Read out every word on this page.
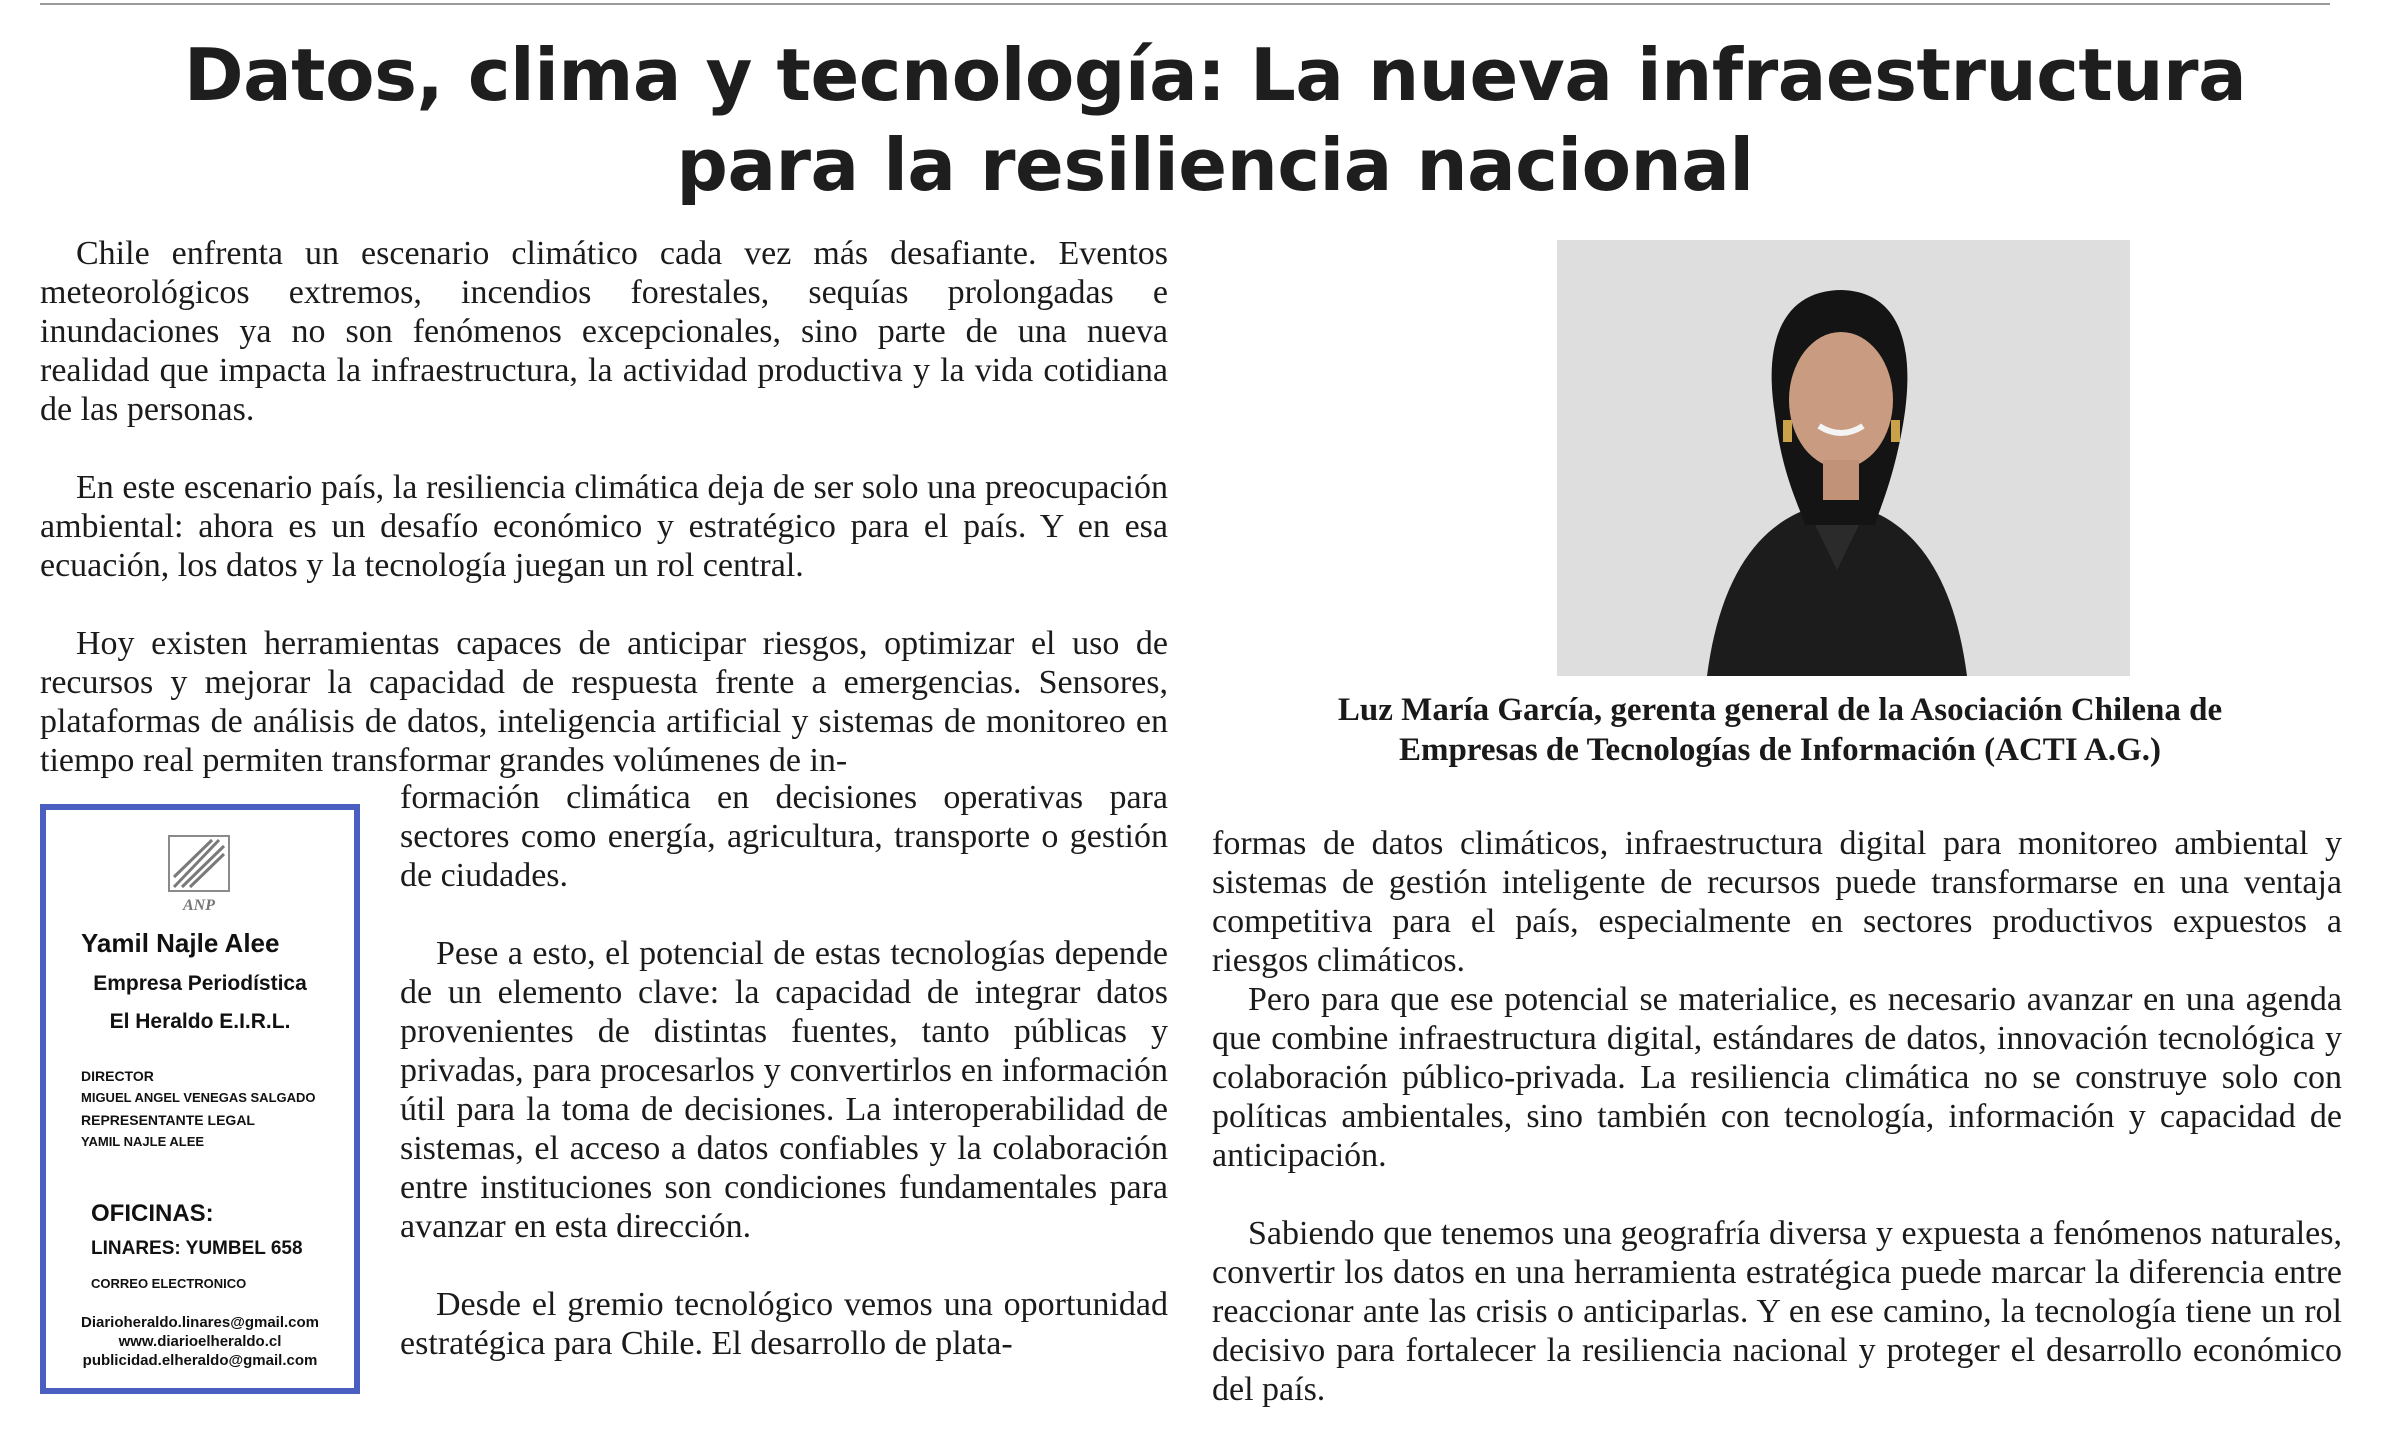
Datos, clima y tecnología: La nueva infraestructura
para la resiliencia nacional

Chile enfrenta un escenario climático cada vez más desafiante. Eventos meteorológicos extremos, incendios forestales, sequías prolongadas e inundaciones ya no son fenómenos excepcionales, sino parte de una nueva realidad que impacta la infraestructura, la actividad productiva y la vida cotidiana de las personas.

En este escenario país, la resiliencia climática deja de ser solo una preocupación ambiental: ahora es un desafío económico y estratégico para el país. Y en esa ecuación, los datos y la tecnología juegan un rol central.

Hoy existen herramientas capaces de anticipar riesgos, optimizar el uso de recursos y mejorar la capacidad de respuesta frente a emergencias. Sensores, plataformas de análisis de datos, inteligencia artificial y sistemas de monitoreo en tiempo real permiten transformar grandes volúmenes de in-

formación climática en decisiones operativas para sectores como energía, agricultura, transporte o gestión de ciudades.

Pese a esto, el potencial de estas tecnologías depende de un elemento clave: la capacidad de integrar datos provenientes de distintas fuentes, tanto públicas y privadas, para procesarlos y convertirlos en información útil para la toma de decisiones. La interoperabilidad de sistemas, el acceso a datos confiables y la colaboración entre instituciones son condiciones fundamentales para avanzar en esta dirección.

Desde el gremio tecnológico vemos una oportunidad estratégica para Chile. El desarrollo de plata-

Luz María García, gerenta general de la Asociación Chilena de
Empresas de Tecnologías de Información (ACTI A.G.)

formas de datos climáticos, infraestructura digital para monitoreo ambiental y sistemas de gestión inteligente de recursos puede transformarse en una ventaja competitiva para el país, especialmente en sectores productivos expuestos a riesgos climáticos.

Pero para que ese potencial se materialice, es necesario avanzar en una agenda que combine infraestructura digital, estándares de datos, innovación tecnológica y colaboración público-privada. La resiliencia climática no se construye solo con políticas ambientales, sino también con tecnología, información y capacidad de anticipación.

Sabiendo que tenemos una geografría diversa y expuesta a fenómenos naturales, convertir los datos en una herramienta estratégica puede marcar la diferencia entre reaccionar ante las crisis o anticiparlas. Y en ese camino, la tecnología tiene un rol decisivo para fortalecer la resiliencia nacional y proteger el desarrollo económico del país.

ANP
Yamil Najle Alee
Empresa Periodística
El Heraldo E.I.R.L.
DIRECTOR
MIGUEL ANGEL VENEGAS SALGADO
REPRESENTANTE LEGAL
YAMIL NAJLE ALEE
OFICINAS:
LINARES: YUMBEL 658
CORREO ELECTRONICO
Diarioheraldo.linares@gmail.com
www.diarioelheraldo.cl
publicidad.elheraldo@gmail.com
